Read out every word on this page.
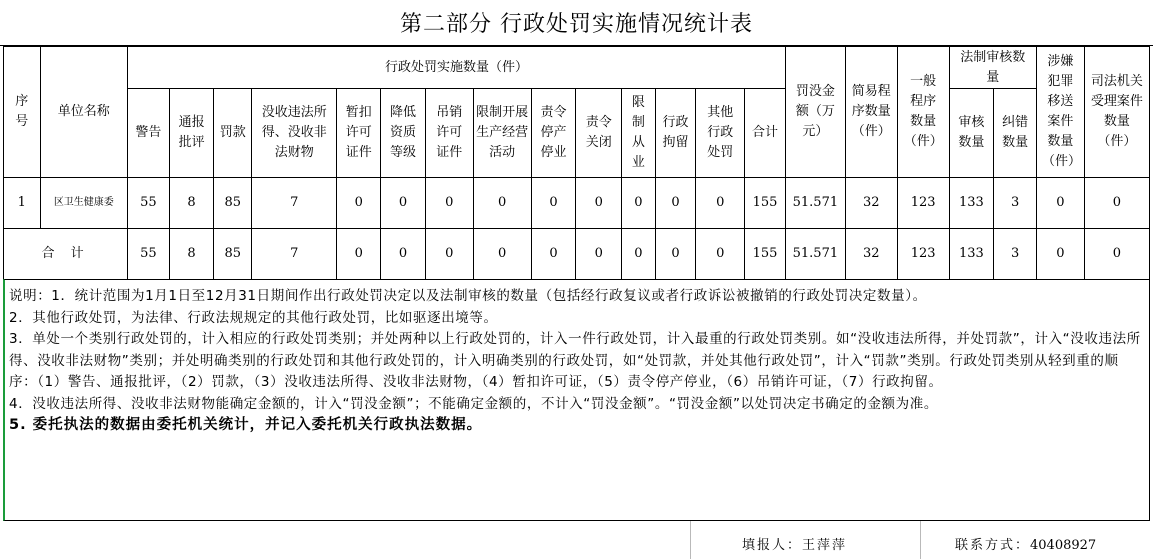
第二部分 行政处罚实施情况统计表
序号	单位名称	行政处罚实施数量（件）														罚没金额（万元）	简易程序数量（件）	一般程序数量（件）	法制审核数量		涉嫌犯罪移送案件数量（件）	司法机关受理案件数量（件）
		警告	通报批评	罚款	没收违法所得、没收非法财物	暂扣许可证件	降低资质等级	吊销许可证件	限制开展生产经营活动	责令停产停业	责令关闭	限制从业	行政拘留	其他行政处罚	合计				审核数量	纠错数量		
1	区卫生健康委	55	8	85	7	0	0	0	0	0	0	0	0	0	155	51.571	32	123	133	3	0	0
合 计		55	8	85	7	0	0	0	0	0	0	0	0	0	155	51.571	32	123	133	3	0	0

说明：1．统计范围为1月1日至12月31日期间作出行政处罚决定以及法制审核的数量（包括经行政复议或者行政诉讼被撤销的行政处罚决定数量）。

2．其他行政处罚，为法律、行政法规规定的其他行政处罚，比如驱逐出境等。

3．单处一个类别行政处罚的，计入相应的行政处罚类别；并处两种以上行政处罚的，计入一件行政处罚，计入最重的行政处罚类别。如“没收违法所得，并处罚款”，计入“没收违法所得、没收非法财物”类别；并处明确类别的行政处罚和其他行政处罚的，计入明确类别的行政处罚，如“处罚款，并处其他行政处罚”，计入“罚款”类别。行政处罚类别从轻到重的顺序：（1）警告、通报批评，（2）罚款，（3）没收违法所得、没收非法财物，（4）暂扣许可证，（5）责令停产停业，（6）吊销许可证，（7）行政拘留。

4．没收违法所得、没收非法财物能确定金额的，计入“罚没金额”；不能确定金额的，不计入“罚没金额”。“罚没金额”以处罚决定书确定的金额为准。

5. 委托执法的数据由委托机关统计，并记入委托机关行政执法数据。

填报人：王萍萍	联系方式：40408927
